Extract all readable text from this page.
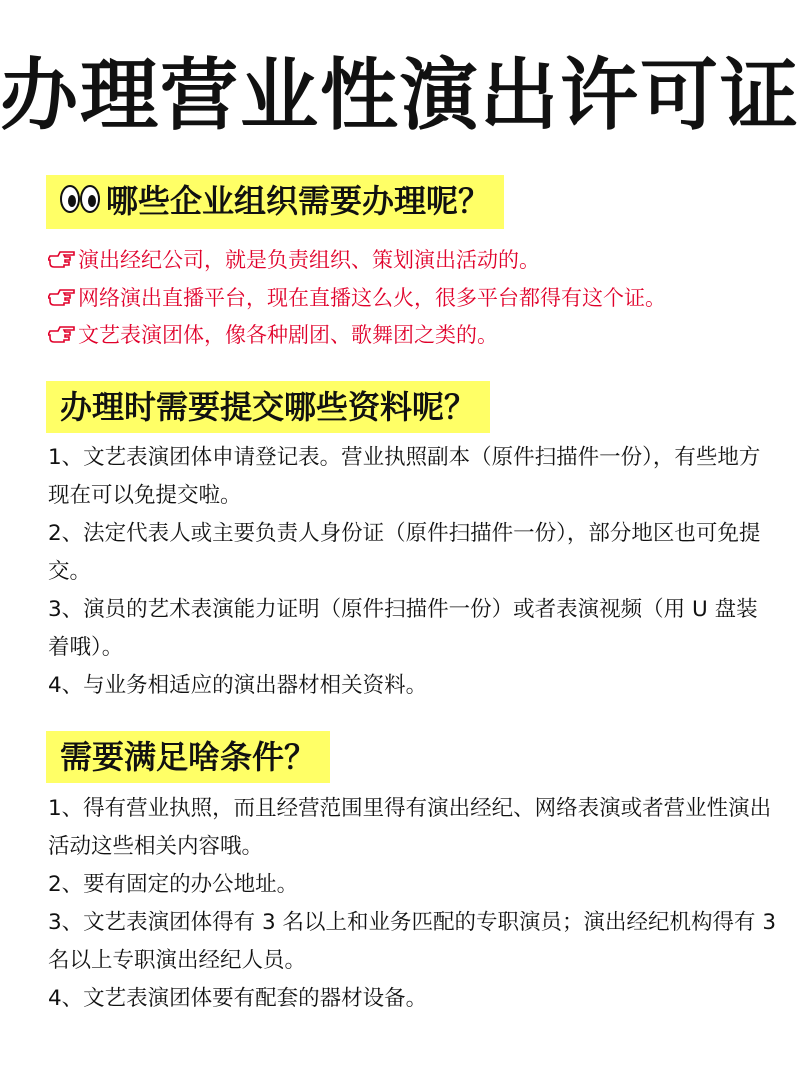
办理营业性演出许可证
哪些企业组织需要办理呢？
演出经纪公司，就是负责组织、策划演出活动的。
网络演出直播平台，现在直播这么火，很多平台都得有这个证。
文艺表演团体，像各种剧团、歌舞团之类的。
办理时需要提交哪些资料呢？
1、文艺表演团体申请登记表。营业执照副本（原件扫描件一份），有些地方现在可以免提交啦。
2、法定代表人或主要负责人身份证（原件扫描件一份），部分地区也可免提交。
3、演员的艺术表演能力证明（原件扫描件一份）或者表演视频（用 U 盘装着哦）。
4、与业务相适应的演出器材相关资料。
需要满足啥条件？
1、得有营业执照，而且经营范围里得有演出经纪、网络表演或者营业性演出活动这些相关内容哦。
2、要有固定的办公地址。
3、文艺表演团体得有 3 名以上和业务匹配的专职演员；演出经纪机构得有 3 名以上专职演出经纪人员。
4、文艺表演团体要有配套的器材设备。
